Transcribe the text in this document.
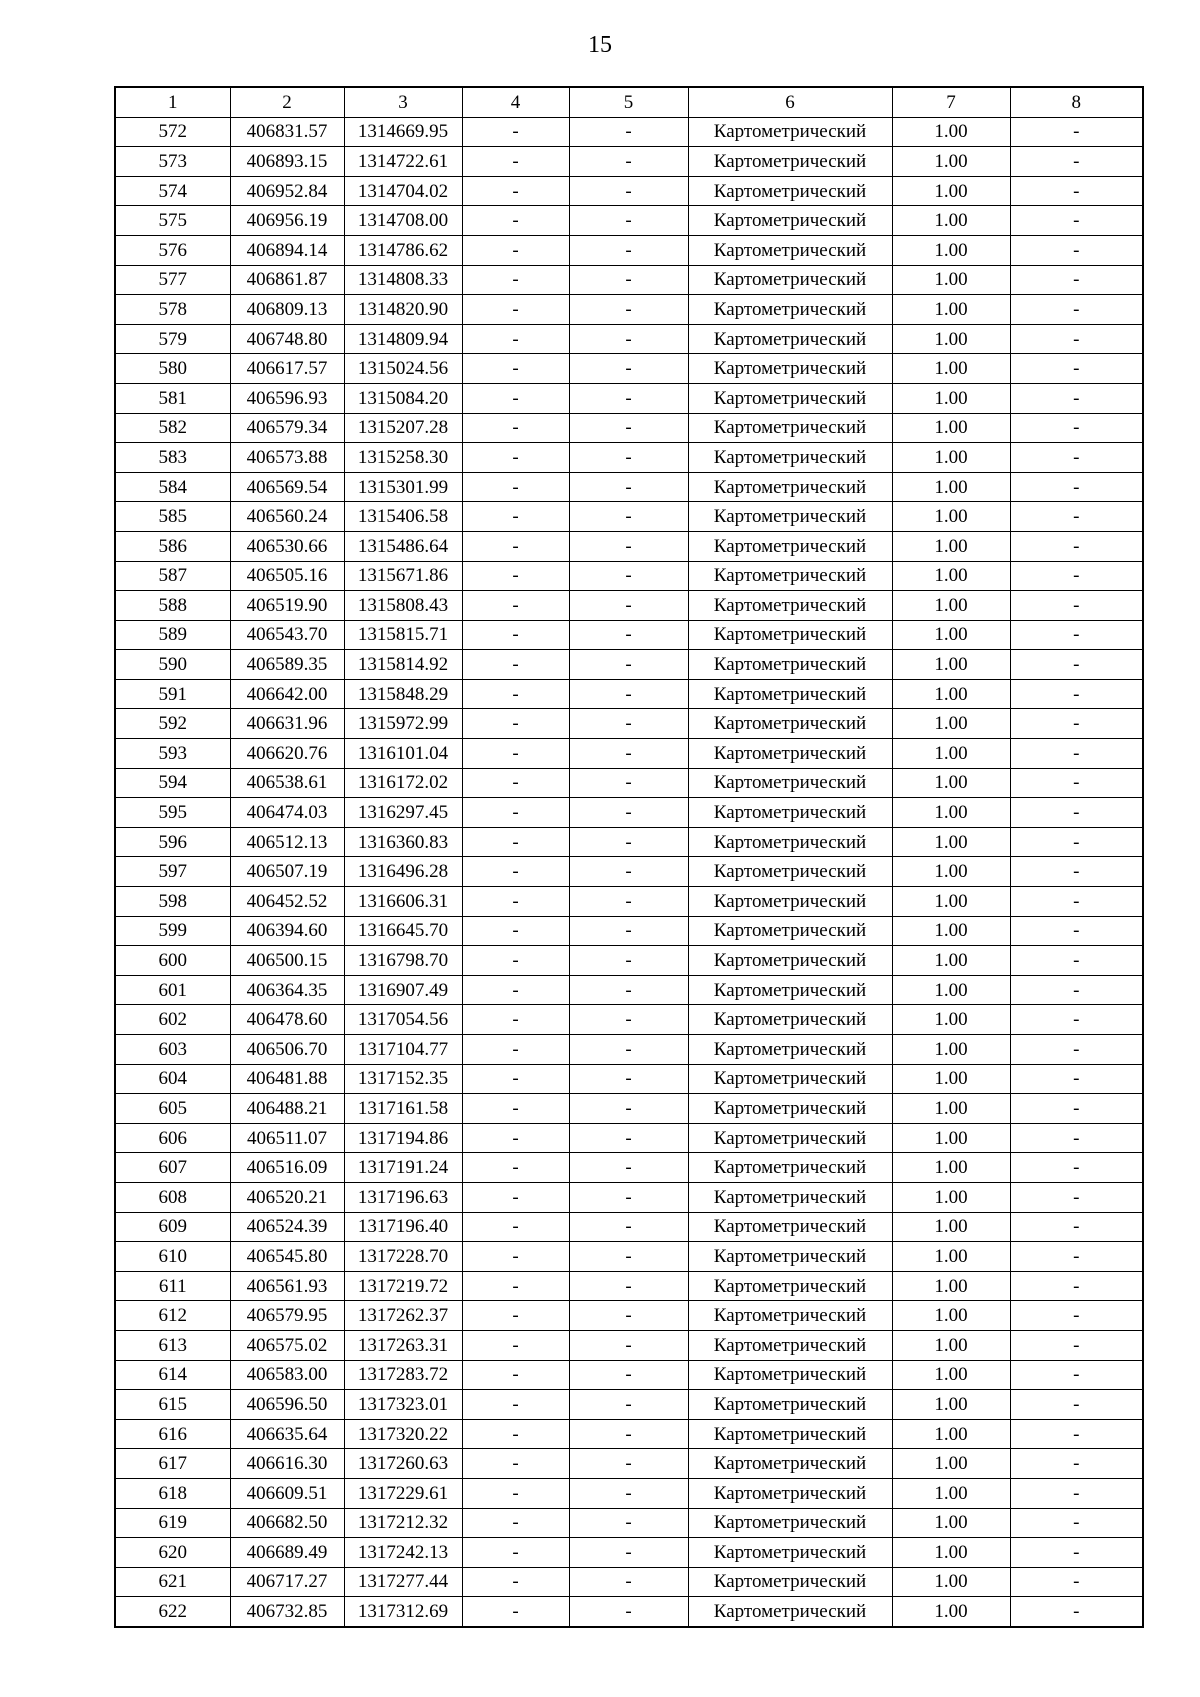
15
1	2	3	4	5	6	7	8
572	406831.57	1314669.95	-	-	Картометрический	1.00	-
573	406893.15	1314722.61	-	-	Картометрический	1.00	-
574	406952.84	1314704.02	-	-	Картометрический	1.00	-
575	406956.19	1314708.00	-	-	Картометрический	1.00	-
576	406894.14	1314786.62	-	-	Картометрический	1.00	-
577	406861.87	1314808.33	-	-	Картометрический	1.00	-
578	406809.13	1314820.90	-	-	Картометрический	1.00	-
579	406748.80	1314809.94	-	-	Картометрический	1.00	-
580	406617.57	1315024.56	-	-	Картометрический	1.00	-
581	406596.93	1315084.20	-	-	Картометрический	1.00	-
582	406579.34	1315207.28	-	-	Картометрический	1.00	-
583	406573.88	1315258.30	-	-	Картометрический	1.00	-
584	406569.54	1315301.99	-	-	Картометрический	1.00	-
585	406560.24	1315406.58	-	-	Картометрический	1.00	-
586	406530.66	1315486.64	-	-	Картометрический	1.00	-
587	406505.16	1315671.86	-	-	Картометрический	1.00	-
588	406519.90	1315808.43	-	-	Картометрический	1.00	-
589	406543.70	1315815.71	-	-	Картометрический	1.00	-
590	406589.35	1315814.92	-	-	Картометрический	1.00	-
591	406642.00	1315848.29	-	-	Картометрический	1.00	-
592	406631.96	1315972.99	-	-	Картометрический	1.00	-
593	406620.76	1316101.04	-	-	Картометрический	1.00	-
594	406538.61	1316172.02	-	-	Картометрический	1.00	-
595	406474.03	1316297.45	-	-	Картометрический	1.00	-
596	406512.13	1316360.83	-	-	Картометрический	1.00	-
597	406507.19	1316496.28	-	-	Картометрический	1.00	-
598	406452.52	1316606.31	-	-	Картометрический	1.00	-
599	406394.60	1316645.70	-	-	Картометрический	1.00	-
600	406500.15	1316798.70	-	-	Картометрический	1.00	-
601	406364.35	1316907.49	-	-	Картометрический	1.00	-
602	406478.60	1317054.56	-	-	Картометрический	1.00	-
603	406506.70	1317104.77	-	-	Картометрический	1.00	-
604	406481.88	1317152.35	-	-	Картометрический	1.00	-
605	406488.21	1317161.58	-	-	Картометрический	1.00	-
606	406511.07	1317194.86	-	-	Картометрический	1.00	-
607	406516.09	1317191.24	-	-	Картометрический	1.00	-
608	406520.21	1317196.63	-	-	Картометрический	1.00	-
609	406524.39	1317196.40	-	-	Картометрический	1.00	-
610	406545.80	1317228.70	-	-	Картометрический	1.00	-
611	406561.93	1317219.72	-	-	Картометрический	1.00	-
612	406579.95	1317262.37	-	-	Картометрический	1.00	-
613	406575.02	1317263.31	-	-	Картометрический	1.00	-
614	406583.00	1317283.72	-	-	Картометрический	1.00	-
615	406596.50	1317323.01	-	-	Картометрический	1.00	-
616	406635.64	1317320.22	-	-	Картометрический	1.00	-
617	406616.30	1317260.63	-	-	Картометрический	1.00	-
618	406609.51	1317229.61	-	-	Картометрический	1.00	-
619	406682.50	1317212.32	-	-	Картометрический	1.00	-
620	406689.49	1317242.13	-	-	Картометрический	1.00	-
621	406717.27	1317277.44	-	-	Картометрический	1.00	-
622	406732.85	1317312.69	-	-	Картометрический	1.00	-
